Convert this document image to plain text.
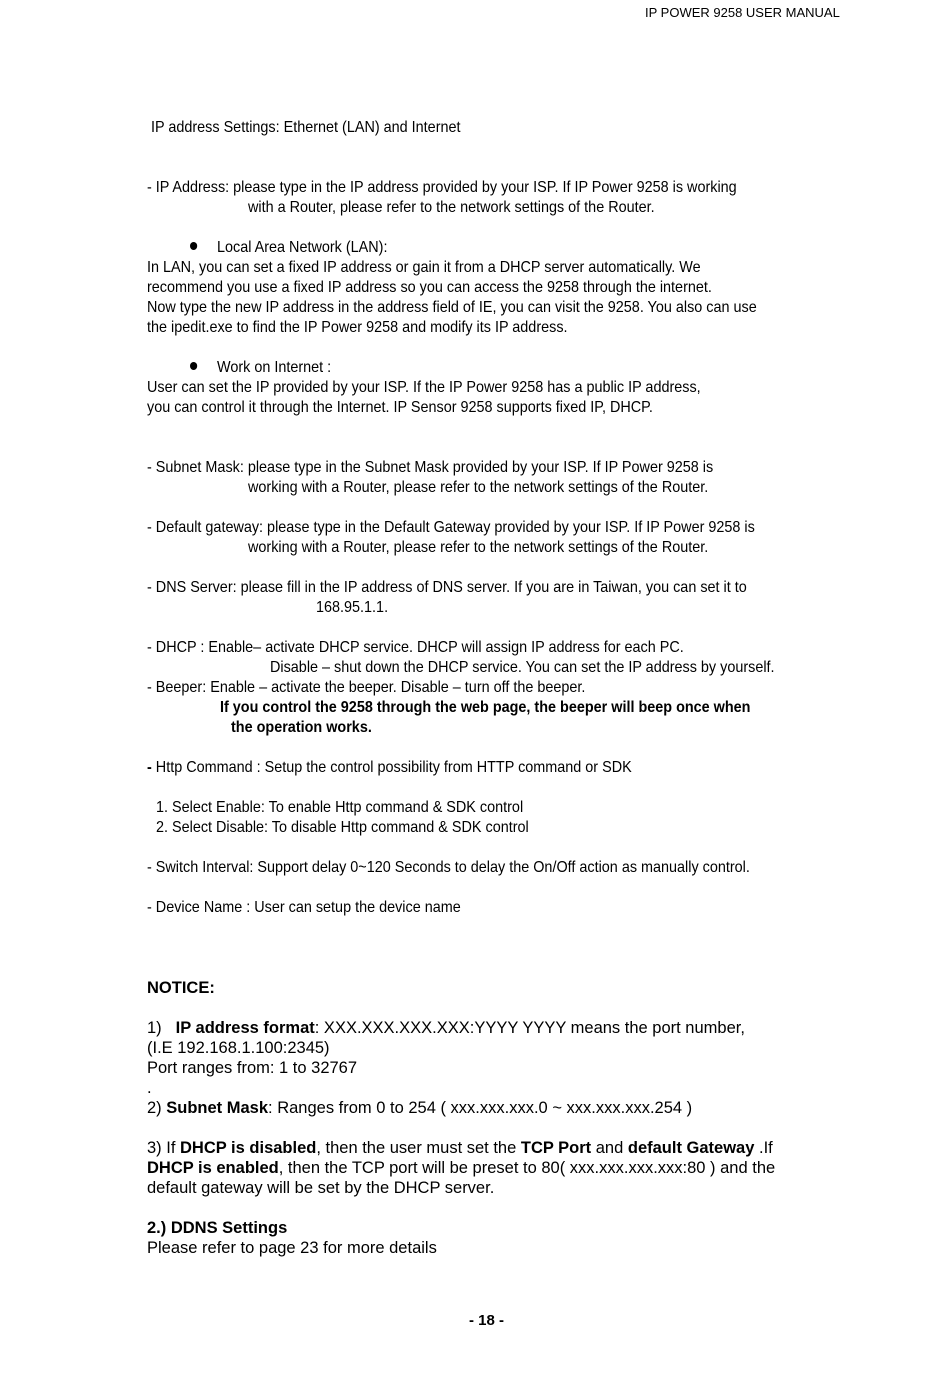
IP POWER 9258 USER MANUAL
IP address Settings: Ethernet (LAN) and Internet
- IP Address: please type in the IP address provided by your ISP. If IP Power 9258 is working
with a Router, please refer to the network settings of the Router.
Local Area Network (LAN):
In LAN, you can set a fixed IP address or gain it from a DHCP server automatically. We
recommend you use a fixed IP address so you can access the 9258 through the internet.
Now type the new IP address in the address field of IE, you can visit the 9258. You also can use
the ipedit.exe to find the IP Power 9258 and modify its IP address.
Work on Internet :
User can set the IP provided by your ISP. If the IP Power 9258 has a public IP address,
you can control it through the Internet. IP Sensor 9258 supports fixed IP, DHCP.
- Subnet Mask: please type in the Subnet Mask provided by your ISP. If IP Power 9258 is
working with a Router, please refer to the network settings of the Router.
- Default gateway: please type in the Default Gateway provided by your ISP. If IP Power 9258 is
working with a Router, please refer to the network settings of the Router.
- DNS Server: please fill in the IP address of DNS server. If you are in Taiwan, you can set it to
168.95.1.1.
- DHCP : Enable– activate DHCP service. DHCP will assign IP address for each PC.
Disable – shut down the DHCP service. You can set the IP address by yourself.
- Beeper: Enable – activate the beeper. Disable – turn off the beeper.
If you control the 9258 through the web page, the beeper will beep once when
the operation works.
- Http Command : Setup the control possibility from HTTP command or SDK
1. Select Enable: To enable Http command & SDK control
2. Select Disable: To disable Http command & SDK control
- Switch Interval: Support delay 0~120 Seconds to delay the On/Off action as manually control.
- Device Name : User can setup the device name
NOTICE:
1) IP address format: XXX.XXX.XXX.XXX:YYYY YYYY means the port number,
(I.E 192.168.1.100:2345)
Port ranges from: 1 to 32767
.
2) Subnet Mask: Ranges from 0 to 254 ( xxx.xxx.xxx.0 ~ xxx.xxx.xxx.254 )
3) If DHCP is disabled, then the user must set the TCP Port and default Gateway .If
DHCP is enabled, then the TCP port will be preset to 80( xxx.xxx.xxx.xxx:80 ) and the
default gateway will be set by the DHCP server.
2.) DDNS Settings
Please refer to page 23 for more details
- 18 -
